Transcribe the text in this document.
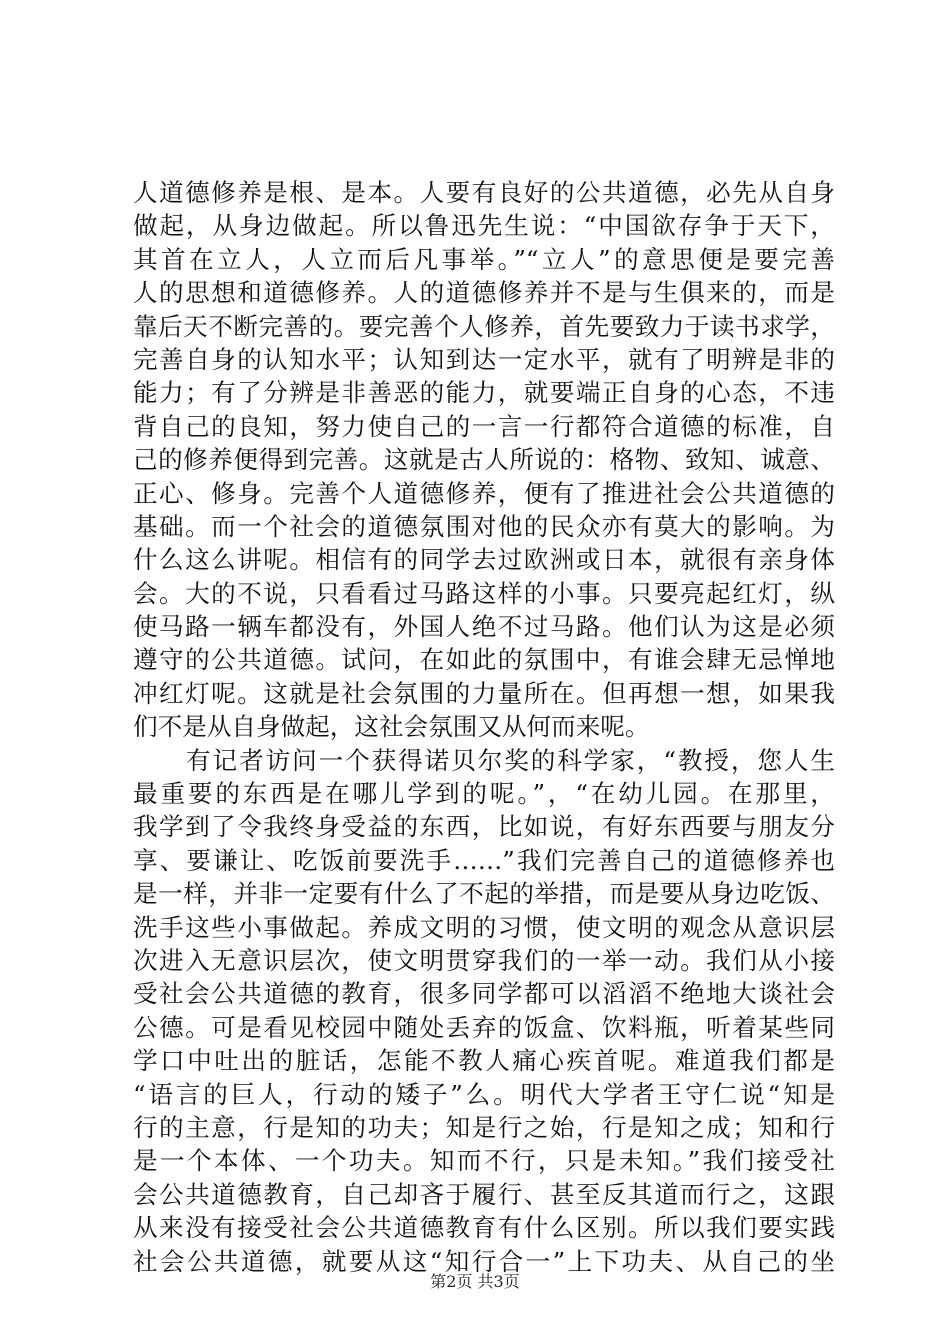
人道德修养是根、是本。人要有良好的公共道德，必先从自身
做起，从身边做起。所以鲁迅先生说：“中国欲存争于天下，
其首在立人，人立而后凡事举。”“立人”的意思便是要完善
人的思想和道德修养。人的道德修养并不是与生俱来的，而是
靠后天不断完善的。要完善个人修养，首先要致力于读书求学，
完善自身的认知水平；认知到达一定水平，就有了明辨是非的
能力；有了分辨是非善恶的能力，就要端正自身的心态，不违
背自己的良知，努力使自己的一言一行都符合道德的标准，自
己的修养便得到完善。这就是古人所说的：格物、致知、诚意、
正心、修身。完善个人道德修养，便有了推进社会公共道德的
基础。而一个社会的道德氛围对他的民众亦有莫大的影响。为
什么这么讲呢。相信有的同学去过欧洲或日本，就很有亲身体
会。大的不说，只看看过马路这样的小事。只要亮起红灯，纵
使马路一辆车都没有，外国人绝不过马路。他们认为这是必须
遵守的公共道德。试问，在如此的氛围中，有谁会肆无忌惮地
冲红灯呢。这就是社会氛围的力量所在。但再想一想，如果我
们不是从自身做起，这社会氛围又从何而来呢。
　　有记者访问一个获得诺贝尔奖的科学家，“教授，您人生
最重要的东西是在哪儿学到的呢。”，“在幼儿园。在那里，
我学到了令我终身受益的东西，比如说，有好东西要与朋友分
享、要谦让、吃饭前要洗手……”我们完善自己的道德修养也
是一样，并非一定要有什么了不起的举措，而是要从身边吃饭、
洗手这些小事做起。养成文明的习惯，使文明的观念从意识层
次进入无意识层次，使文明贯穿我们的一举一动。我们从小接
受社会公共道德的教育，很多同学都可以滔滔不绝地大谈社会
公德。可是看见校园中随处丢弃的饭盒、饮料瓶，听着某些同
学口中吐出的脏话，怎能不教人痛心疾首呢。难道我们都是
“语言的巨人，行动的矮子”么。明代大学者王守仁说“知是
行的主意，行是知的功夫；知是行之始，行是知之成；知和行
是一个本体、一个功夫。知而不行，只是未知。”我们接受社
会公共道德教育，自己却吝于履行、甚至反其道而行之，这跟
从来没有接受社会公共道德教育有什么区别。所以我们要实践
社会公共道德，就要从这“知行合一”上下功夫、从自己的坐
第2页 共3页
